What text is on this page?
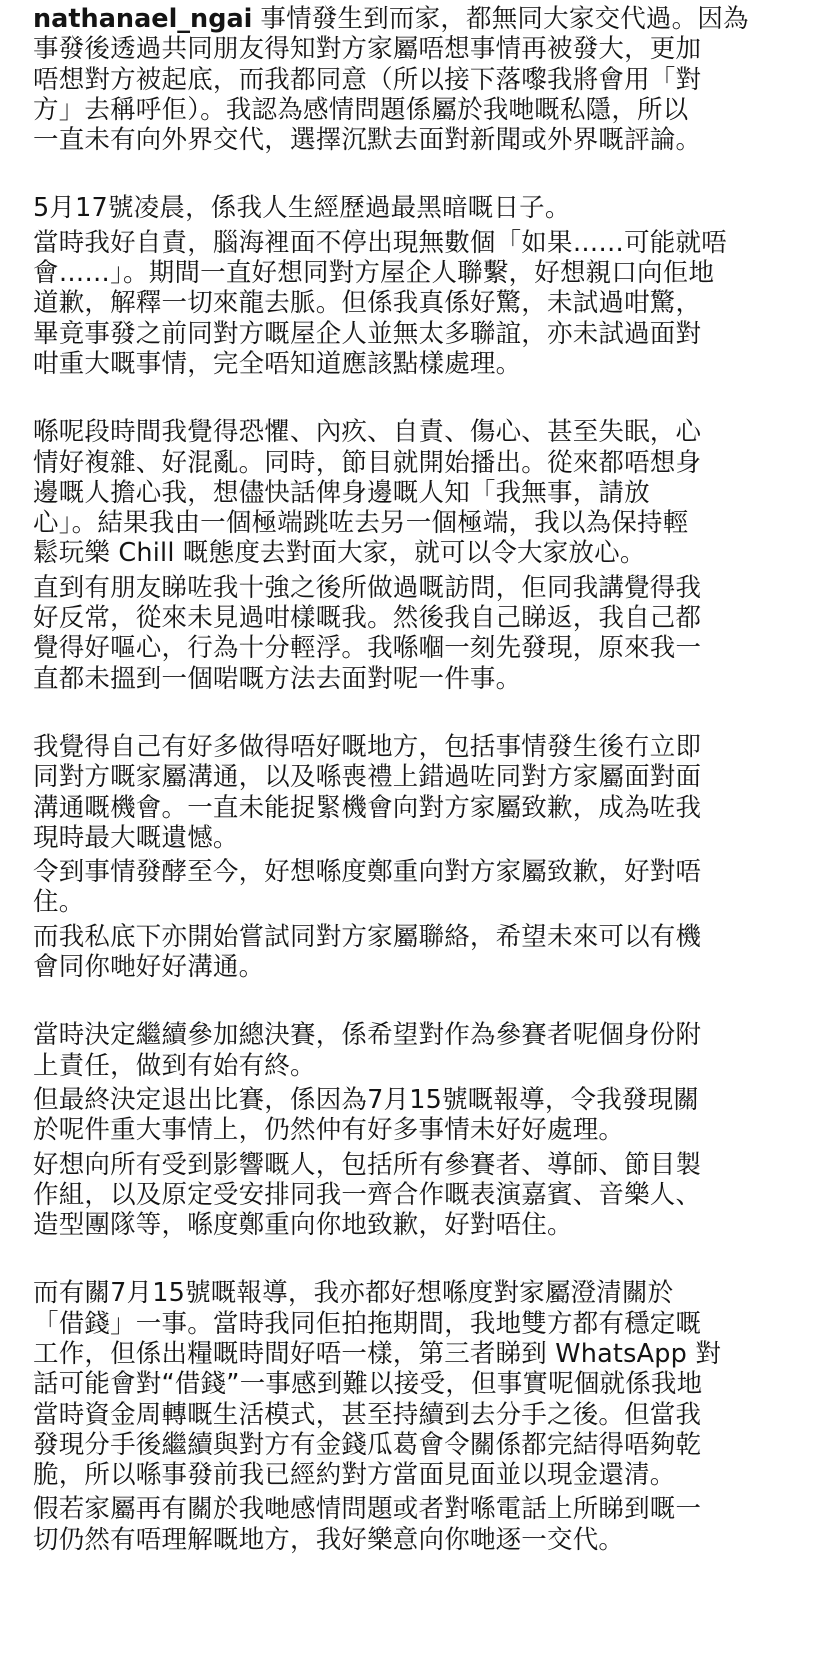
nathanael_ngai 事情發生到而家，都無同大家交代過。因為
事發後透過共同朋友得知對方家屬唔想事情再被發大，更加
唔想對方被起底，而我都同意（所以接下落嚟我將會用「對
方」去稱呼佢）。我認為感情問題係屬於我哋嘅私隱，所以
一直未有向外界交代，選擇沉默去面對新聞或外界嘅評論。

5月17號凌晨，係我人生經歷過最黑暗嘅日子。

當時我好自責，腦海裡面不停出現無數個「如果……可能就唔
會……」。期間一直好想同對方屋企人聯繫，好想親口向佢地
道歉，解釋一切來龍去脈。但係我真係好驚，未試過咁驚，
畢竟事發之前同對方嘅屋企人並無太多聯誼，亦未試過面對
咁重大嘅事情，完全唔知道應該點樣處理。

喺呢段時間我覺得恐懼、內疚、自責、傷心、甚至失眠，心
情好複雜、好混亂。同時，節目就開始播出。從來都唔想身
邊嘅人擔心我，想儘快話俾身邊嘅人知「我無事，請放
心」。結果我由一個極端跳咗去另一個極端，我以為保持輕
鬆玩樂 Chill 嘅態度去對面大家，就可以令大家放心。

直到有朋友睇咗我十強之後所做過嘅訪問，佢同我講覺得我
好反常，從來未見過咁樣嘅我。然後我自己睇返，我自己都
覺得好嘔心，行為十分輕浮。我喺嗰一刻先發現，原來我一
直都未搵到一個啱嘅方法去面對呢一件事。

我覺得自己有好多做得唔好嘅地方，包括事情發生後冇立即
同對方嘅家屬溝通，以及喺喪禮上錯過咗同對方家屬面對面
溝通嘅機會。一直未能捉緊機會向對方家屬致歉，成為咗我
現時最大嘅遺憾。

令到事情發酵至今，好想喺度鄭重向對方家屬致歉，好對唔
住。

而我私底下亦開始嘗試同對方家屬聯絡，希望未來可以有機
會同你哋好好溝通。

當時決定繼續參加總決賽，係希望對作為參賽者呢個身份附
上責任，做到有始有終。

但最終決定退出比賽，係因為7月15號嘅報導，令我發現關
於呢件重大事情上，仍然仲有好多事情未好好處理。

好想向所有受到影響嘅人，包括所有參賽者、導師、節目製
作組，以及原定受安排同我一齊合作嘅表演嘉賓、音樂人、
造型團隊等，喺度鄭重向你地致歉，好對唔住。

而有關7月15號嘅報導，我亦都好想喺度對家屬澄清關於
「借錢」一事。當時我同佢拍拖期間，我地雙方都有穩定嘅
工作，但係出糧嘅時間好唔一樣，第三者睇到 WhatsApp 對
話可能會對“借錢”一事感到難以接受，但事實呢個就係我地
當時資金周轉嘅生活模式，甚至持續到去分手之後。但當我
發現分手後繼續與對方有金錢瓜葛會令關係都完結得唔夠乾
脆，所以喺事發前我已經約對方當面見面並以現金還清。

假若家屬再有關於我哋感情問題或者對喺電話上所睇到嘅一
切仍然有唔理解嘅地方，我好樂意向你哋逐一交代。
